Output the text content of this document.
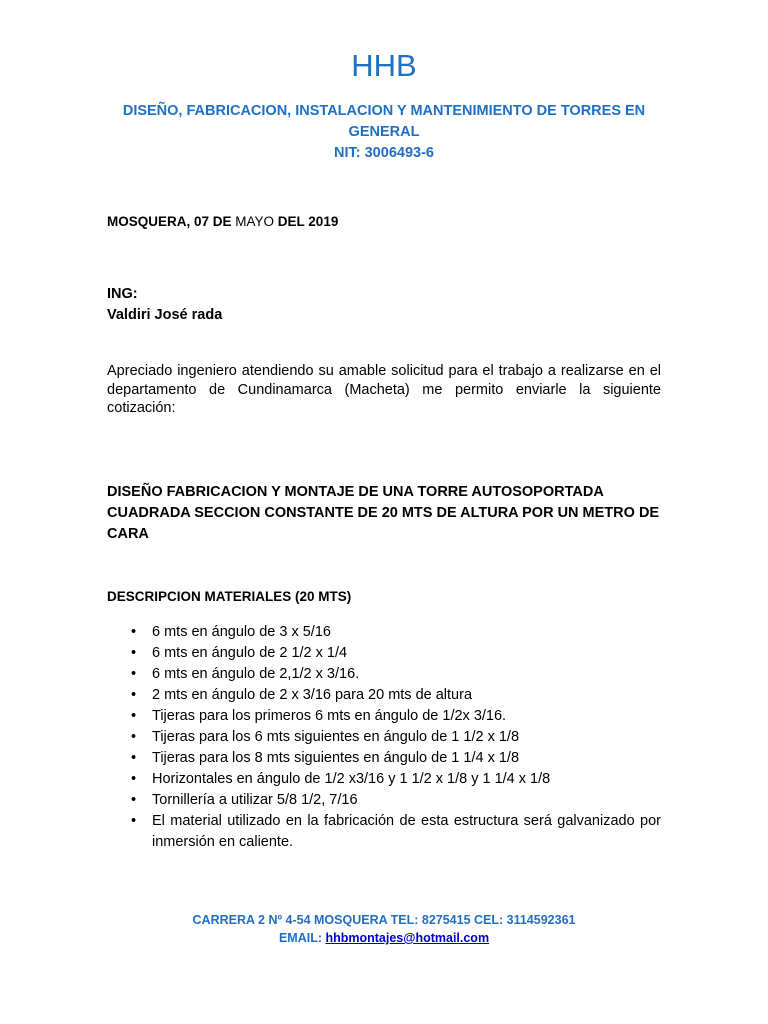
HHB
DISEÑO, FABRICACION, INSTALACION Y MANTENIMIENTO DE TORRES EN
GENERAL
NIT: 3006493-6
MOSQUERA, 07 DE MAYO DEL 2019
ING:
Valdiri José rada
Apreciado ingeniero atendiendo su amable solicitud para el trabajo a realizarse en el departamento de Cundinamarca (Macheta) me permito enviarle la siguiente cotización:
DISEÑO FABRICACION Y MONTAJE DE UNA TORRE AUTOSOPORTADA CUADRADA SECCION CONSTANTE DE 20 MTS DE ALTURA POR UN METRO DE CARA
DESCRIPCION MATERIALES (20 MTS)
•	6 mts en ángulo de 3 x 5/16
•	6 mts en ángulo de 2 1/2 x 1/4
•	6 mts en ángulo de 2,1/2 x 3/16.
•	2 mts en ángulo de 2 x 3/16 para 20 mts de altura
•	Tijeras para los primeros 6 mts en ángulo de 1/2x 3/16.
•	Tijeras para los 6 mts siguientes en ángulo de 1 1/2 x 1/8
•	Tijeras para los 8 mts siguientes en ángulo de 1 1/4 x 1/8
•	Horizontales en ángulo de 1/2 x3/16 y 1 1/2 x 1/8 y 1 1/4 x 1/8
•	Tornillería a utilizar 5/8 1/2, 7/16
•	El material utilizado en la fabricación de esta estructura será galvanizado por inmersión en caliente.
CARRERA 2 Nº 4-54 MOSQUERA TEL: 8275415 CEL: 3114592361
EMAIL: hhbmontajes@hotmail.com
